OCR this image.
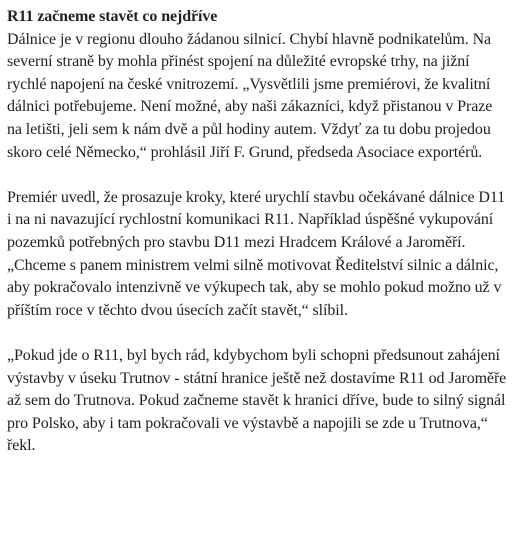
R11 začneme stavět co nejdříve

Dálnice je v regionu dlouho žádanou silnicí. Chybí hlavně podnikatelům. Na severní straně by mohla přinést spojení na důležité evropské trhy, na jižní rychlé napojení na české vnitrozemí. „Vysvětlili jsme premiérovi, že kvalitní dálnici potřebujeme. Není možné, aby naši zákazníci, když přistanou v Praze na letišti, jeli sem k nám dvě a půl hodiny autem. Vždyť za tu dobu projedou skoro celé Německo,“ prohlásil Jiří F. Grund, předseda Asociace exportérů.

Premiér uvedl, že prosazuje kroky, které urychlí stavbu očekávané dálnice D11 i na ni navazující rychlostní komunikaci R11. Například úspěšné vykupování pozemků potřebných pro stavbu D11 mezi Hradcem Králové a Jaroměří. „Chceme s panem ministrem velmi silně motivovat Ředitelství silnic a dálnic, aby pokračovalo intenzivně ve výkupech tak, aby se mohlo pokud možno už v příštím roce v těchto dvou úsecích začít stavět,“ slíbil.

„Pokud jde o R11, byl bych rád, kdybychom byli schopni předsunout zahájení výstavby v úseku Trutnov - státní hranice ještě než dostavíme R11 od Jaroměře až sem do Trutnova. Pokud začneme stavět k hranici dříve, bude to silný signál pro Polsko, aby i tam pokračovali ve výstavbě a napojili se zde u Trutnova,“ řekl.
